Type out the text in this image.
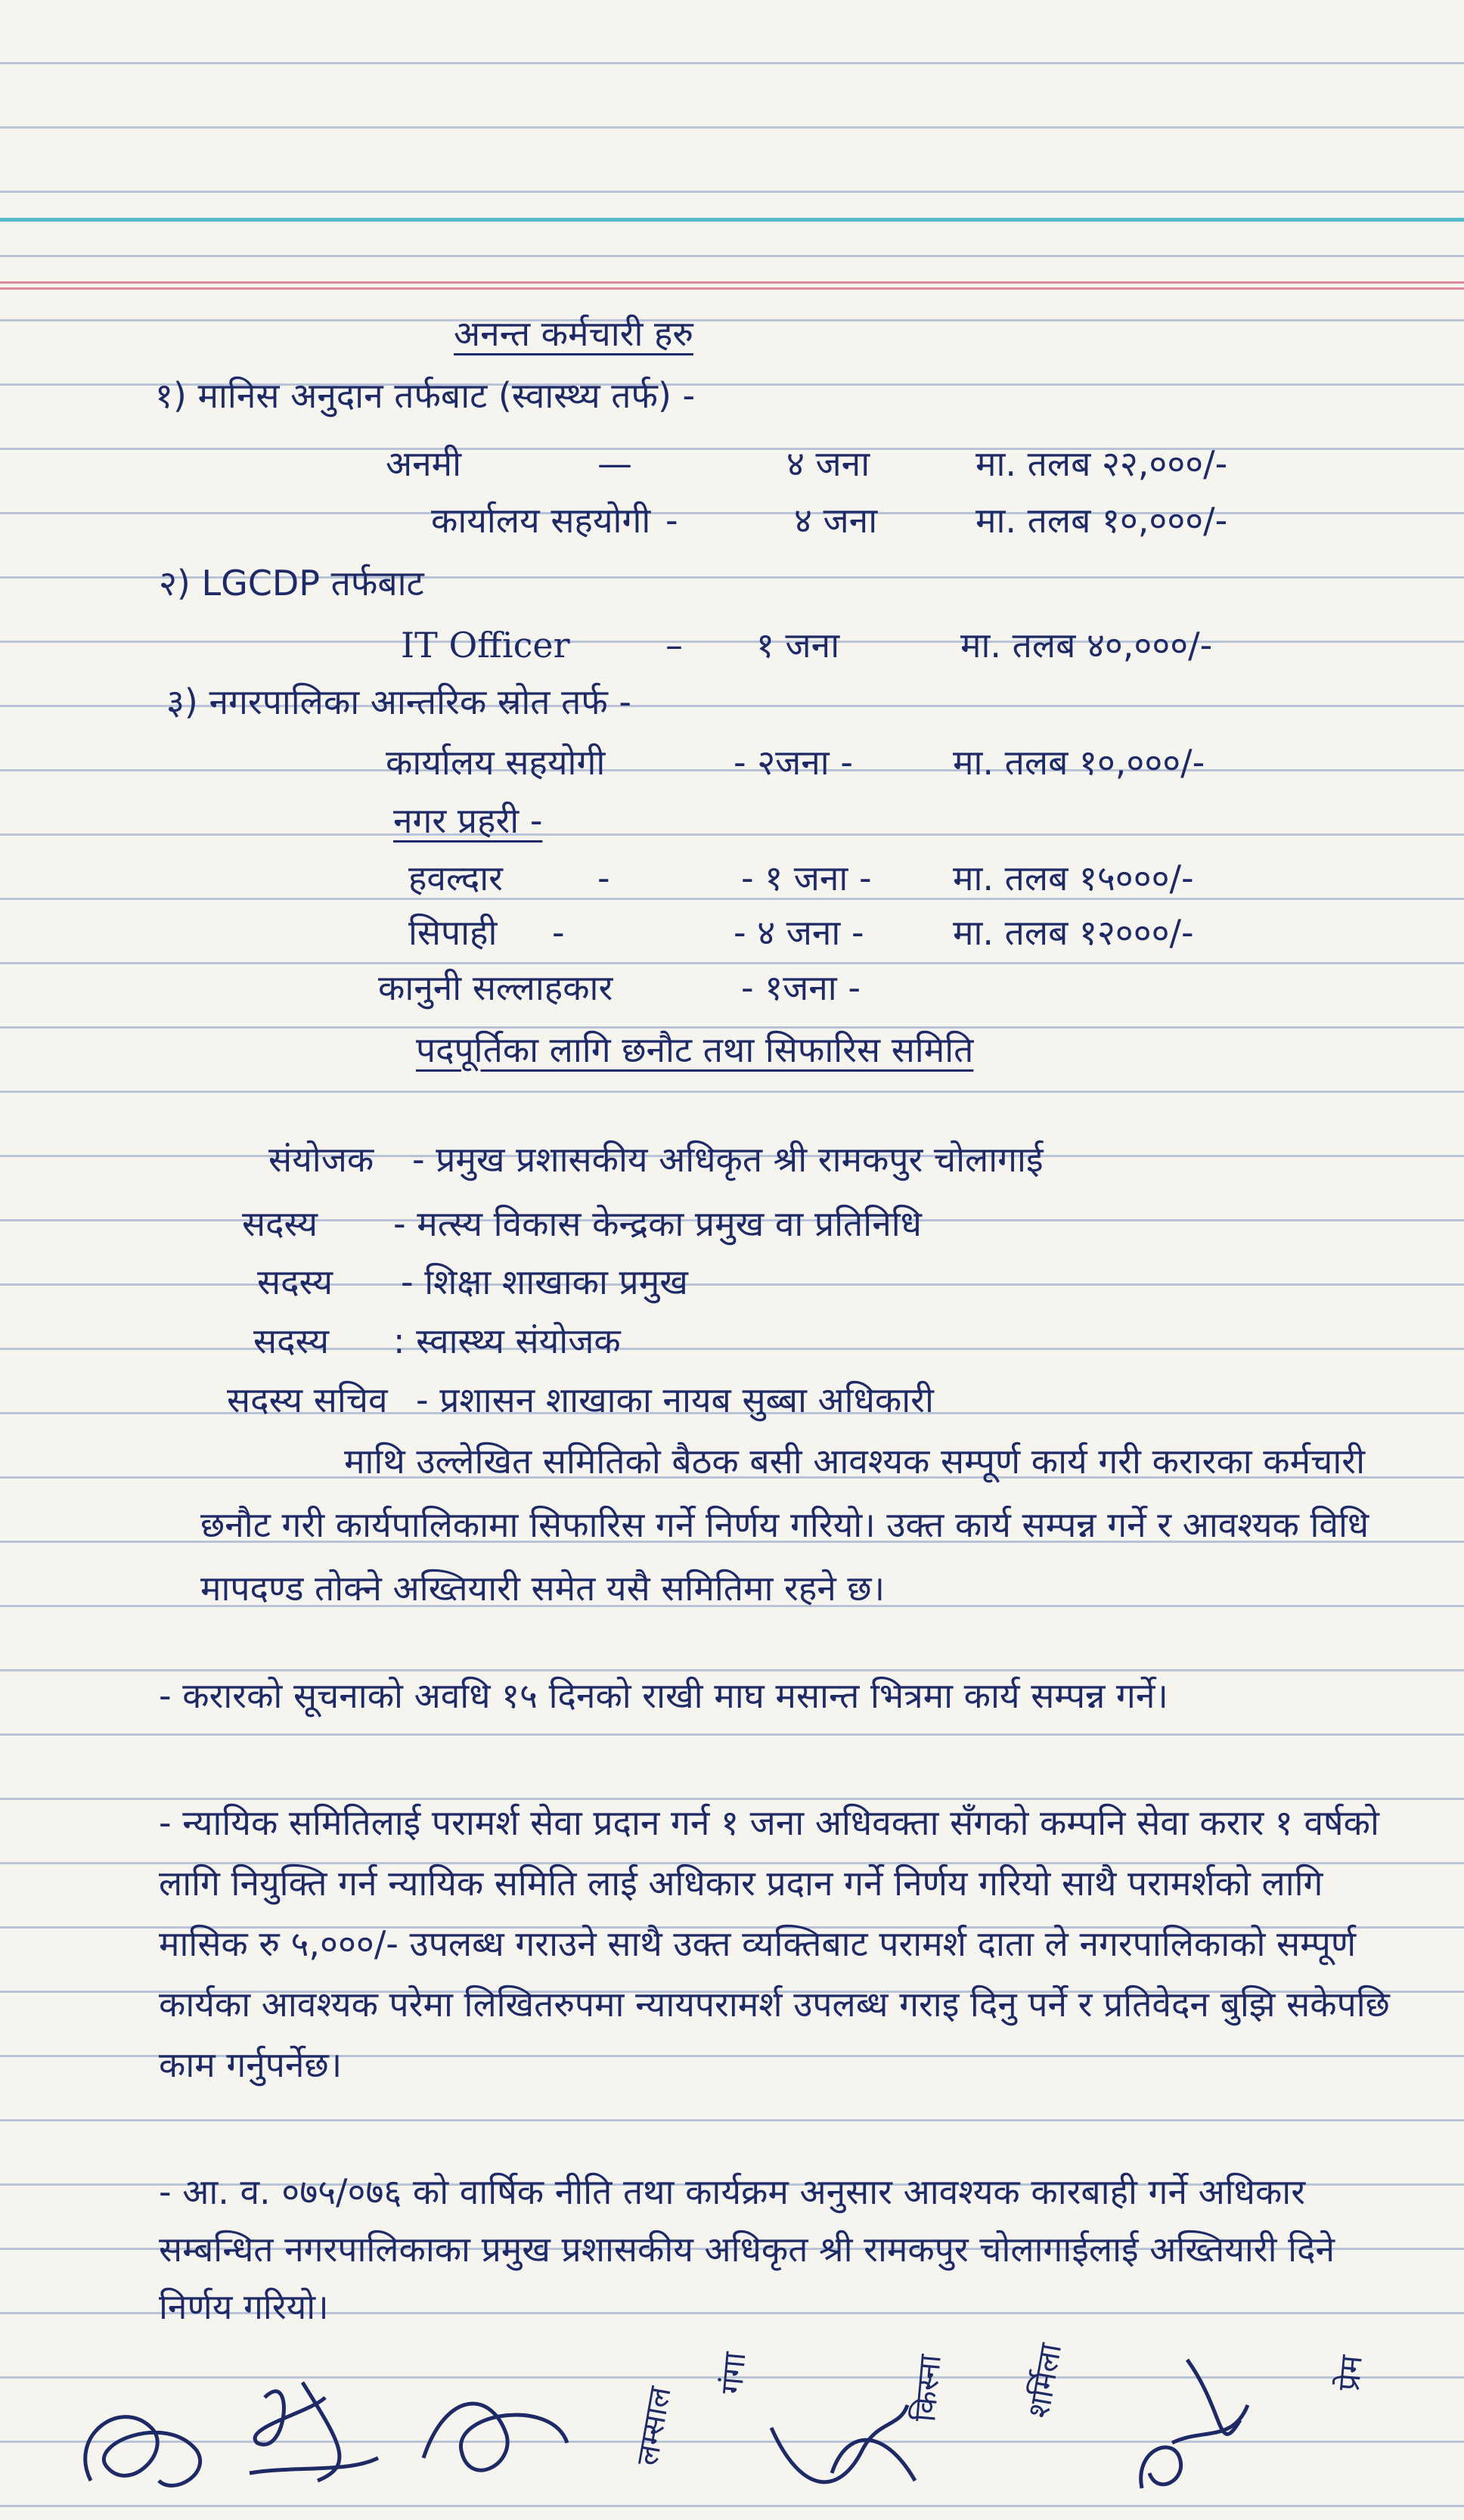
अनन्त कर्मचारी हरु
१) मानिस अनुदान तर्फबाट (स्वास्थ्य तर्फ) -
अनमी	—	४ जना	मा. तलब २२,०००/-
कार्यालय सहयोगी -	४ जना	मा. तलब १०,०००/-
२) LGCDP तर्फबाट
IT Officer	– १ जना	मा. तलब ४०,०००/-
३) नगरपालिका आन्तरिक स्रोत तर्फ -
कार्यालय सहयोगी	- २जना -	मा. तलब १०,०००/-
नगर प्रहरी -
हवल्दार	-	- १ जना - मा. तलब १५०००/-
सिपाही -	- ४ जना -	मा. तलब १२०००/-
कानुनी सल्लाहकार	- १जना -
पदपूर्तिका लागि छनौट तथा सिफारिस समिति
संयोजक - प्रमुख प्रशासकीय अधिकृत श्री रामकपुर चोलागाई
सदस्य - मत्स्य विकास केन्द्रका प्रमुख वा प्रतिनिधि
सदस्य - शिक्षा शाखाका प्रमुख
सदस्य : स्वास्थ्य संयोजक
सदस्य सचिव - प्रशासन शाखाका नायब सुब्बा अधिकारी
माथि उल्लेखित समितिको बैठक बसी आवश्यक सम्पूर्ण कार्य गरी करारका कर्मचारी छनौट गरी कार्यपालिकामा सिफारिस गर्ने निर्णय गरियो। उक्त कार्य सम्पन्न गर्ने र आवश्यक विधि मापदण्ड तोक्ने अख्तियारी समेत यसै समितिमा रहने छ।
- करारको सूचनाको अवधि १५ दिनको राखी माघ मसान्त भित्रमा कार्य सम्पन्न गर्ने।
- न्यायिक समितिलाई परामर्श सेवा प्रदान गर्न १ जना अधिवक्ता सँगको कम्पनि सेवा करार १ वर्षको लागि नियुक्ति गर्न न्यायिक समिति लाई अधिकार प्रदान गर्ने निर्णय गरियो साथै परामर्शको लागि मासिक रु ५,०००/- उपलब्ध गराउने साथै उक्त व्यक्तिबाट परामर्श दाता ले नगरपालिकाको सम्पूर्ण कार्यका आवश्यक परेमा लिखितरुपमा न्यायपरामर्श उपलब्ध गराइ दिनु पर्ने र प्रतिवेदन बुझि सकेपछि काम गर्नुपर्नेछ।
- आ. व. ०७५/०७६ को वार्षिक नीति तथा कार्यक्रम अनुसार आवश्यक कारबाही गर्ने अधिकार सम्बन्धित नगरपालिकाका प्रमुख प्रशासकीय अधिकृत श्री रामकपुर चोलागाईलाई अख्तियारी दिने निर्णय गरियो।
लम्साल
गंगा	किस्ना शर्मिला	प्रेम
